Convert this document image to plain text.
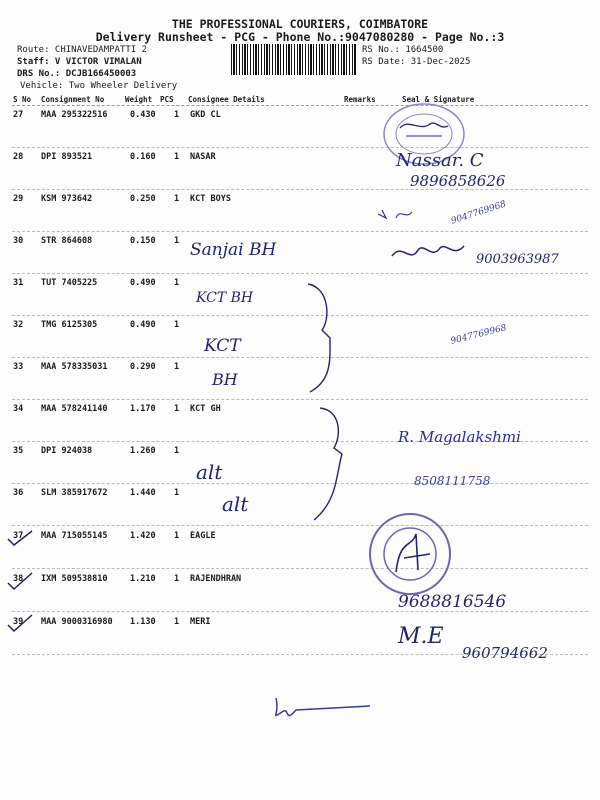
THE PROFESSIONAL COURIERS, COIMBATORE
Delivery Runsheet - PCG - Phone No.:9047080280 - Page No.:3
Route: CHINAVEDAMPATTI 2
Staff: V VICTOR VIMALAN
DRS No.: DCJB166450003
Vehicle: Two Wheeler Delivery
RS No.: 1664500
RS Date: 31-Dec-2025
S No Consignment No	Weight PCS Consignee Details	Remarks	Seal & Signature
27 MAA 295322516	0.430 1 GKD CL
28 DPI 893521	0.160 1 NASAR
29 KSM 973642	0.250 1 KCT BOYS
30 STR 864608	0.150 1
31 TUT 7405225	0.490 1
32 TMG 6125305	0.490 1
33 MAA 578335031	0.290 1
34 MAA 578241140	1.170 1 KCT GH
35 DPI 924038	1.260 1
36 SLM 385917672	1.440 1
37 MAA 715055145	1.420 1 EAGLE
38 IXM 509538810	1.210 1 RAJENDHRAN
39 MAA 9000316980 1.130 1 MERI
Nassar. C
9896858626
9047769968
Sanjai BH	9003963987
KCT BH
KCT
BH
9047769968
R. Magalakshmi
8508111758
alt
alt
9688816546
M.E
960794662
